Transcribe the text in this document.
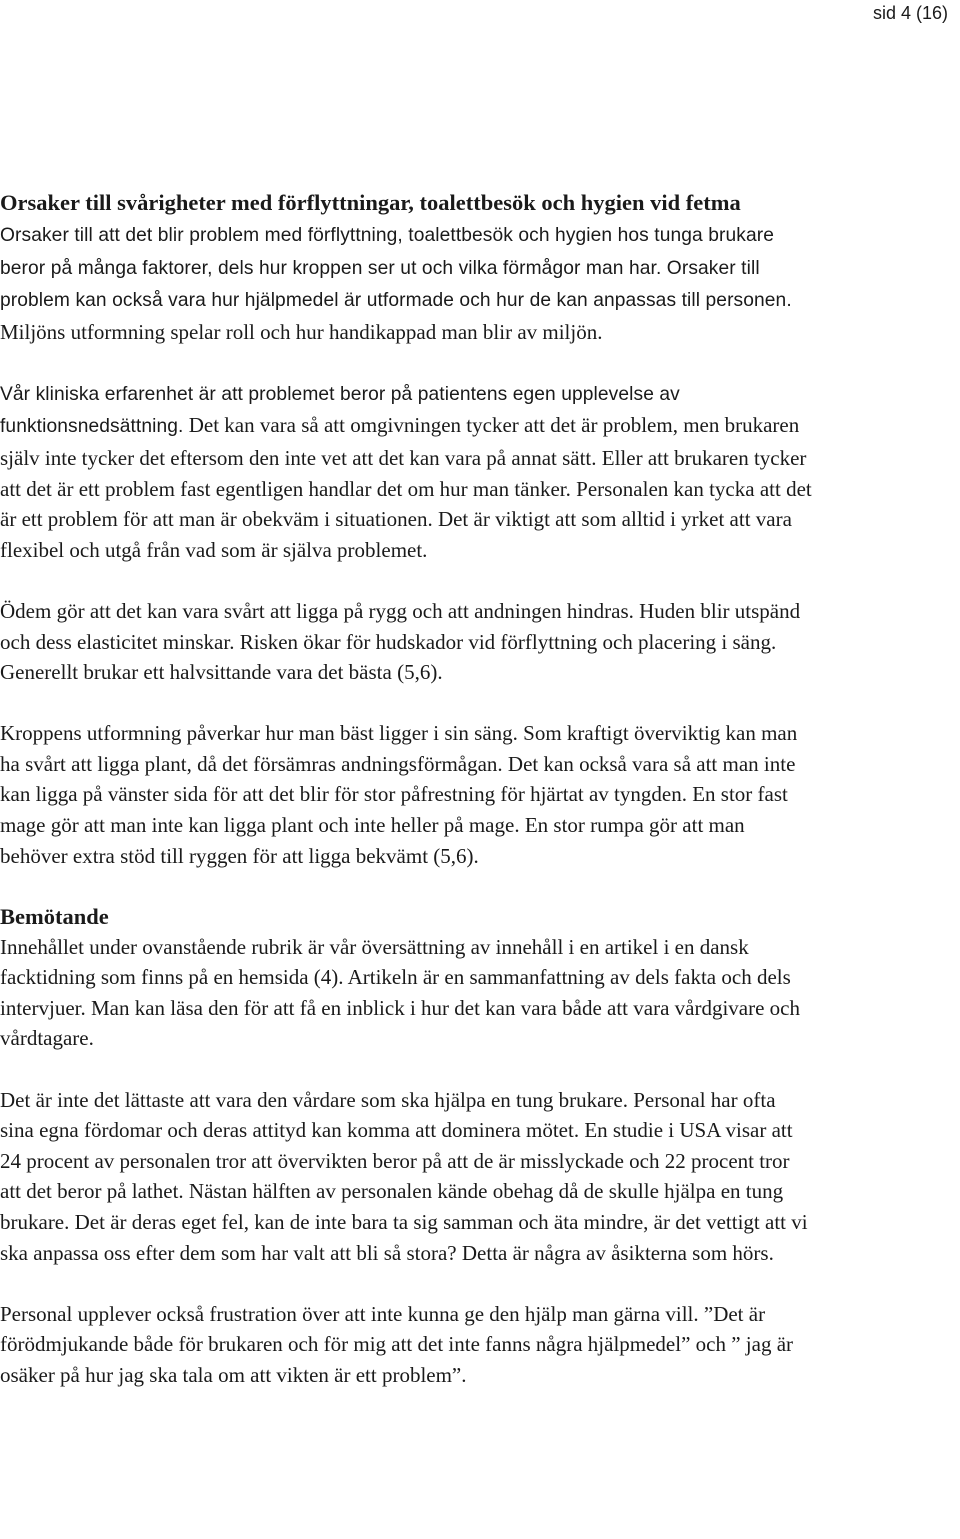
sid 4 (16)
Orsaker till svårigheter med förflyttningar, toalettbesök och hygien vid fetma

Orsaker till att det blir problem med förflyttning, toalettbesök och hygien hos tunga brukare beror på många faktorer, dels hur kroppen ser ut och vilka förmågor man har. Orsaker till problem kan också vara hur hjälpmedel är utformade och hur de kan anpassas till personen. Miljöns utformning spelar roll och hur handikappad man blir av miljön.

Vår kliniska erfarenhet är att problemet beror på patientens egen upplevelse av funktionsnedsättning. Det kan vara så att omgivningen tycker att det är problem, men brukaren själv inte tycker det eftersom den inte vet att det kan vara på annat sätt. Eller att brukaren tycker att det är ett problem fast egentligen handlar det om hur man tänker. Personalen kan tycka att det är ett problem för att man är obekväm i situationen. Det är viktigt att som alltid i yrket att vara flexibel och utgå från vad som är själva problemet.

Ödem gör att det kan vara svårt att ligga på rygg och att andningen hindras. Huden blir utspänd och dess elasticitet minskar. Risken ökar för hudskador vid förflyttning och placering i säng. Generellt brukar ett halvsittande vara det bästa (5,6).

Kroppens utformning påverkar hur man bäst ligger i sin säng. Som kraftigt överviktig kan man ha svårt att ligga plant, då det försämras andningsförmågan. Det kan också vara så att man inte kan ligga på vänster sida för att det blir för stor påfrestning för hjärtat av tyngden. En stor fast mage gör att man inte kan ligga plant och inte heller på mage. En stor rumpa gör att man behöver extra stöd till ryggen för att ligga bekvämt (5,6).

Bemötande

Innehållet under ovanstående rubrik är vår översättning av innehåll i en artikel i en dansk facktidning som finns på en hemsida (4). Artikeln är en sammanfattning av dels fakta och dels intervjuer. Man kan läsa den för att få en inblick i hur det kan vara både att vara vårdgivare och vårdtagare.

Det är inte det lättaste att vara den vårdare som ska hjälpa en tung brukare. Personal har ofta sina egna fördomar och deras attityd kan komma att dominera mötet. En studie i USA visar att 24 procent av personalen tror att övervikten beror på att de är misslyckade och 22 procent tror att det beror på lathet. Nästan hälften av personalen kände obehag då de skulle hjälpa en tung brukare. Det är deras eget fel, kan de inte bara ta sig samman och äta mindre, är det vettigt att vi ska anpassa oss efter dem som har valt att bli så stora? Detta är några av åsikterna som hörs.

Personal upplever också frustration över att inte kunna ge den hjälp man gärna vill. ”Det är förödmjukande både för brukaren och för mig att det inte fanns några hjälpmedel” och ” jag är osäker på hur jag ska tala om att vikten är ett problem”.
